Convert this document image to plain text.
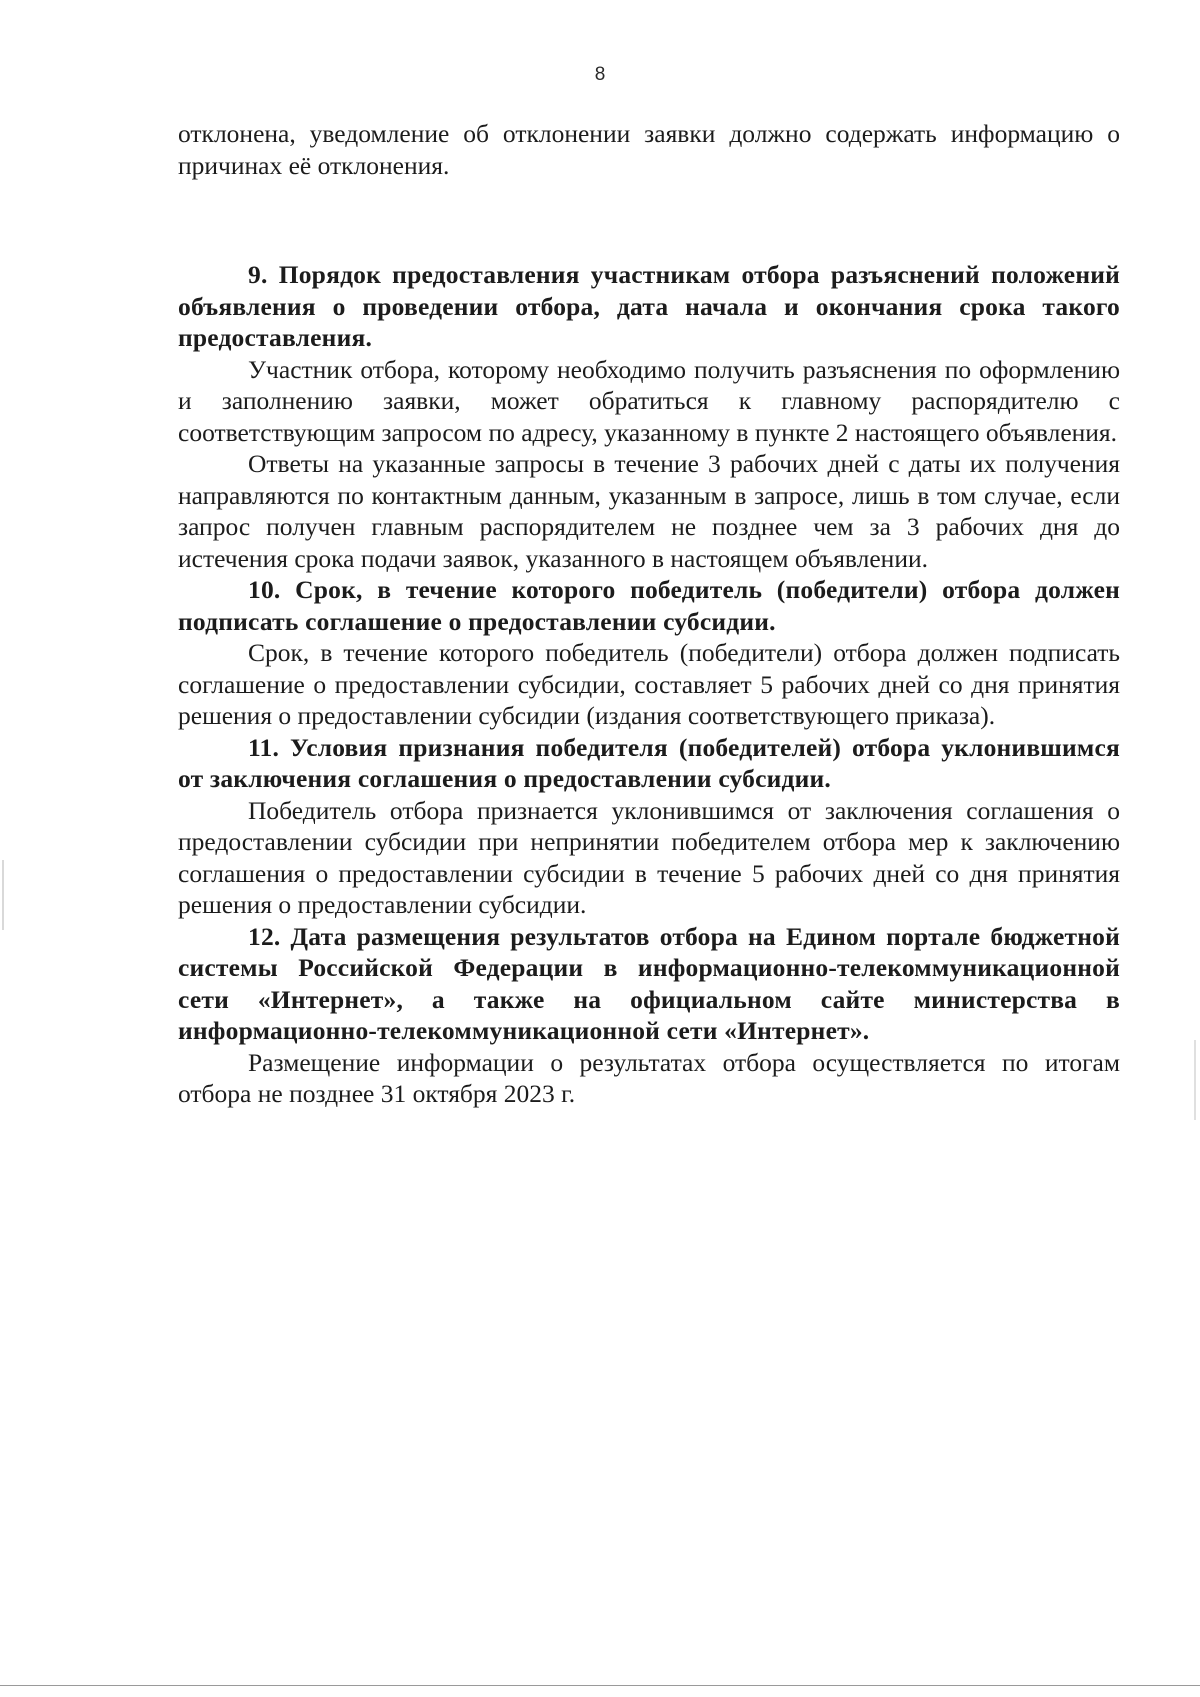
8

отклонена, уведомление об отклонении заявки должно содержать информацию о причинах её отклонения.

9. Порядок предоставления участникам отбора разъяснений положений объявления о проведении отбора, дата начала и окончания срока такого предоставления.

Участник отбора, которому необходимо получить разъяснения по оформлению и заполнению заявки, может обратиться к главному распорядителю с соответствующим запросом по адресу, указанному в пункте 2 настоящего объявления.

Ответы на указанные запросы в течение 3 рабочих дней с даты их получения направляются по контактным данным, указанным в запросе, лишь в том случае, если запрос получен главным распорядителем не позднее чем за 3 рабочих дня до истечения срока подачи заявок, указанного в настоящем объявлении.

10. Срок, в течение которого победитель (победители) отбора должен подписать соглашение о предоставлении субсидии.

Срок, в течение которого победитель (победители) отбора должен подписать соглашение о предоставлении субсидии, составляет 5 рабочих дней со дня принятия решения о предоставлении субсидии (издания соответствующего приказа).

11. Условия признания победителя (победителей) отбора уклонившимся от заключения соглашения о предоставлении субсидии.

Победитель отбора признается уклонившимся от заключения соглашения о предоставлении субсидии при непринятии победителем отбора мер к заключению соглашения о предоставлении субсидии в течение 5 рабочих дней со дня принятия решения о предоставлении субсидии.

12. Дата размещения результатов отбора на Едином портале бюджетной системы Российской Федерации в информационно-телекоммуникационной сети «Интернет», а также на официальном сайте министерства в информационно-телекоммуникационной сети «Интернет».

Размещение информации о результатах отбора осуществляется по итогам отбора не позднее 31 октября 2023 г.
